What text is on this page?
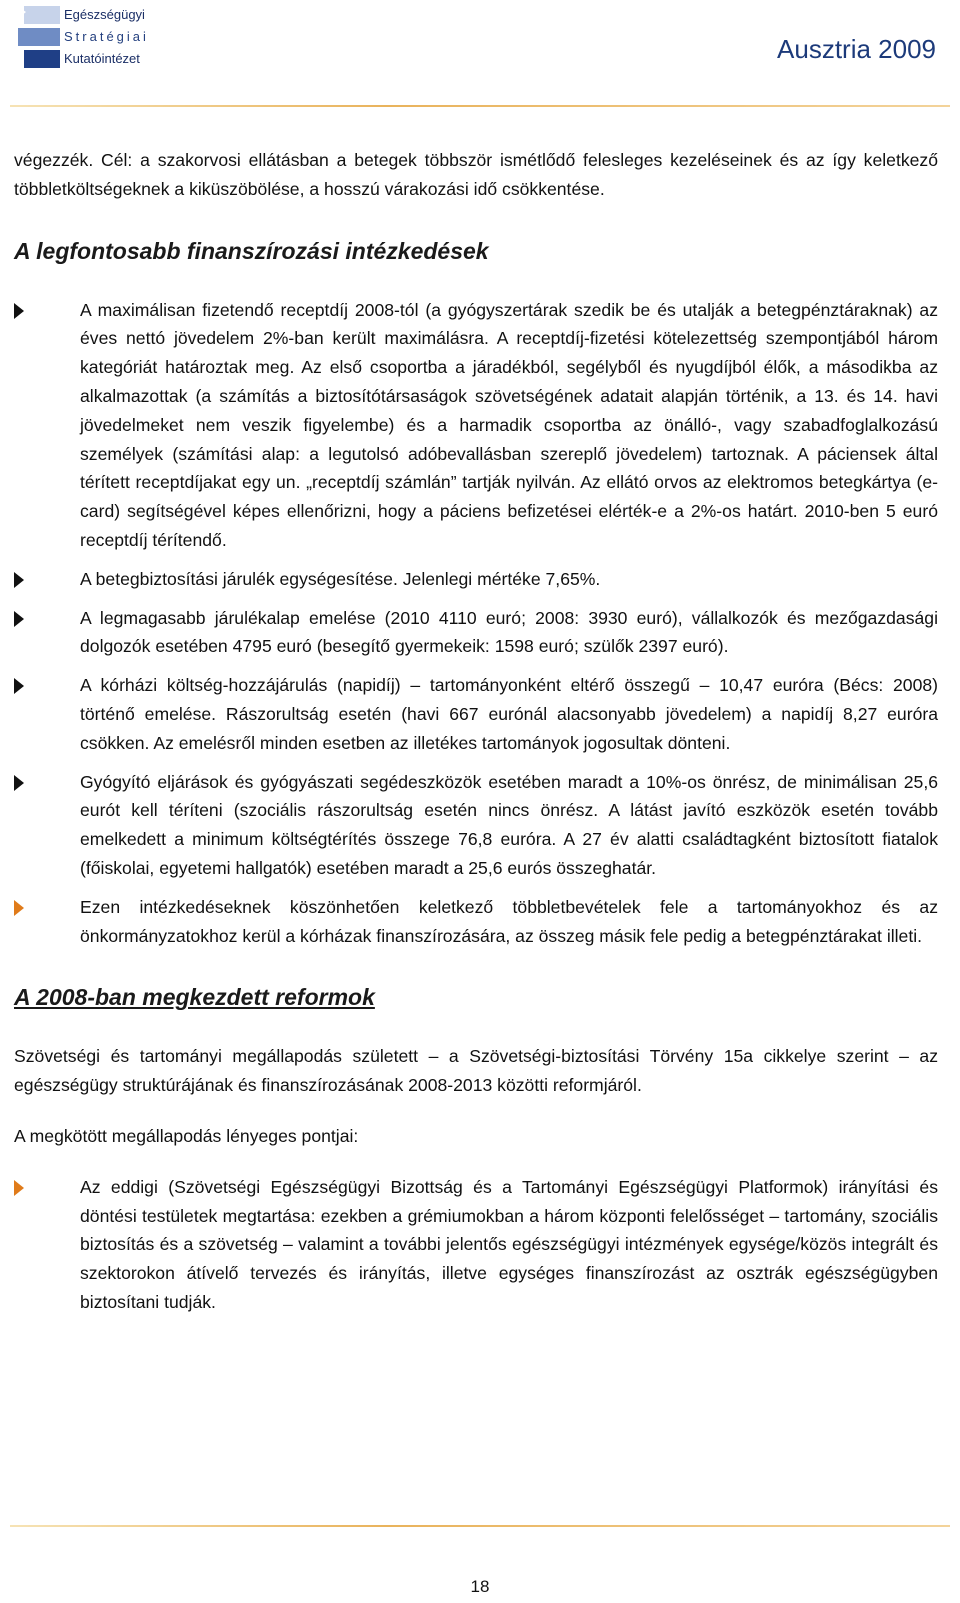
Egészségügyi
Stratégiai
Kutatóintézet	Ausztria 2009

végezzék. Cél: a szakorvosi ellátásban a betegek többször ismétlődő felesleges kezeléseinek és az így keletkező többletköltségeknek a kiküszöbölése, a hosszú várakozási idő csökkentése.

A legfontosabb finanszírozási intézkedések
A maximálisan fizetendő receptdíj 2008-tól (a gyógyszertárak szedik be és utalják a betegpénztáraknak) az éves nettó jövedelem 2%-ban került maximálásra. A receptdíj-fizetési kötelezettség szempontjából három kategóriát határoztak meg. Az első csoportba a járadékból, segélyből és nyugdíjból élők, a másodikba az alkalmazottak (a számítás a biztosítótársaságok szövetségének adatait alapján történik, a 13. és 14. havi jövedelmeket nem veszik figyelembe) és a harmadik csoportba az önálló-, vagy szabadfoglalkozású személyek (számítási alap: a legutolsó adóbevallásban szereplő jövedelem) tartoznak. A páciensek által térített receptdíjakat egy un. „receptdíj számlán” tartják nyilván. Az ellátó orvos az elektromos betegkártya (e-card) segítségével képes ellenőrizni, hogy a páciens befizetései elérték-e a 2%-os határt. 2010-ben 5 euró receptdíj térítendő.
A betegbiztosítási járulék egységesítése. Jelenlegi mértéke 7,65%.
A legmagasabb járulékalap emelése (2010 4110 euró; 2008: 3930 euró), vállalkozók és mezőgazdasági dolgozók esetében 4795 euró (besegítő gyermekeik: 1598 euró; szülők 2397 euró).
A kórházi költség-hozzájárulás (napidíj) – tartományonként eltérő összegű – 10,47 euróra (Bécs: 2008) történő emelése. Rászorultság esetén (havi 667 eurónál alacsonyabb jövedelem) a napidíj 8,27 euróra csökken. Az emelésről minden esetben az illetékes tartományok jogosultak dönteni.
Gyógyító eljárások és gyógyászati segédeszközök esetében maradt a 10%-os önrész, de minimálisan 25,6 eurót kell téríteni (szociális rászorultság esetén nincs önrész. A látást javító eszközök esetén tovább emelkedett a minimum költségtérítés összege 76,8 euróra. A 27 év alatti családtagként biztosított fiatalok (főiskolai, egyetemi hallgatók) esetében maradt a 25,6 eurós összeghatár.
Ezen intézkedéseknek köszönhetően keletkező többletbevételek fele a tartományokhoz és az önkormányzatokhoz kerül a kórházak finanszírozására, az összeg másik fele pedig a betegpénztárakat illeti.
A 2008-ban megkezdett reformok

Szövetségi és tartományi megállapodás született – a Szövetségi-biztosítási Törvény 15a cikkelye szerint – az egészségügy struktúrájának és finanszírozásának 2008-2013 közötti reformjáról.

A megkötött megállapodás lényeges pontjai:

Az eddigi (Szövetségi Egészségügyi Bizottság és a Tartományi Egészségügyi Platformok) irányítási és döntési testületek megtartása: ezekben a grémiumokban a három központi felelősséget – tartomány, szociális biztosítás és a szövetség – valamint a további jelentős egészségügyi intézmények egysége/közös integrált és szektorokon átívelő tervezés és irányítás, illetve egységes finanszírozást az osztrák egészségügyben biztosítani tudják.
18
